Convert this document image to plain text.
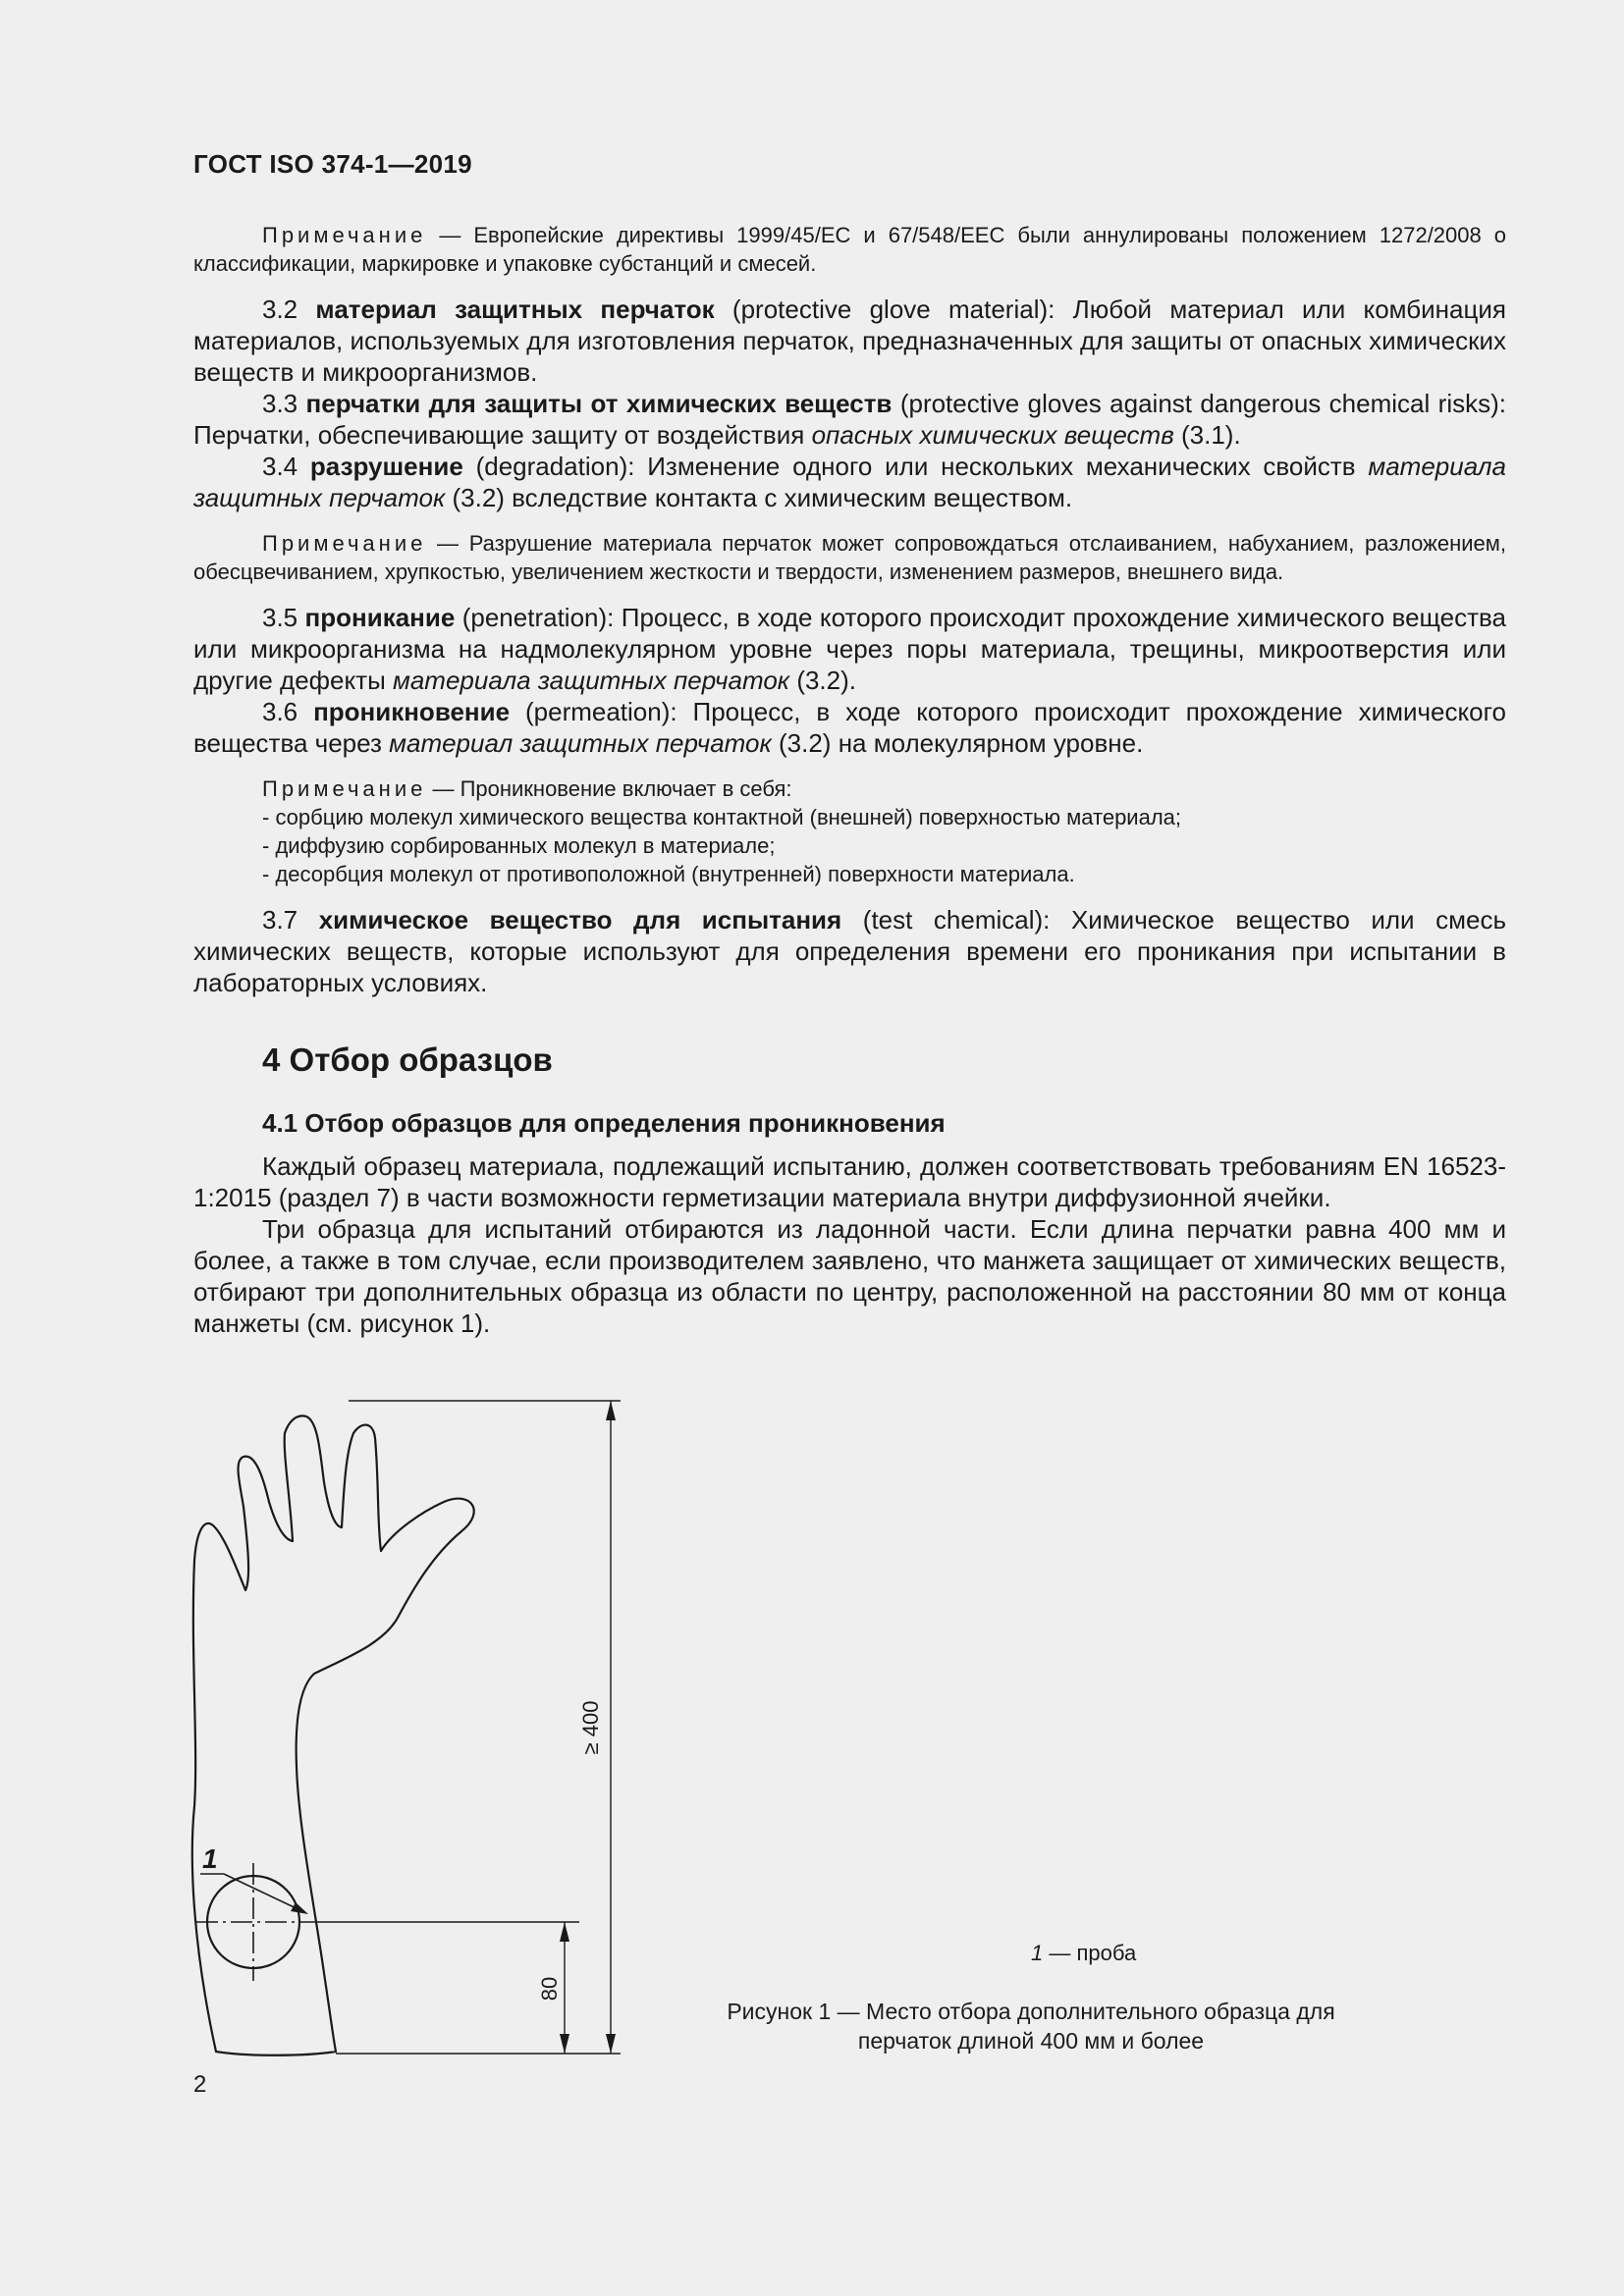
ГОСТ ISO 374-1—2019

Примечание — Европейские директивы 1999/45/ЕС и 67/548/ЕЕС были аннулированы положением 1272/2008 о классификации, маркировке и упаковке субстанций и смесей.

3.2 материал защитных перчаток (protective glove material): Любой материал или комбинация материалов, используемых для изготовления перчаток, предназначенных для защиты от опасных химических веществ и микроорганизмов.

3.3 перчатки для защиты от химических веществ (protective gloves against dangerous chemical risks): Перчатки, обеспечивающие защиту от воздействия опасных химических веществ (3.1).

3.4 разрушение (degradation): Изменение одного или нескольких механических свойств материала защитных перчаток (3.2) вследствие контакта с химическим веществом.

Примечание — Разрушение материала перчаток может сопровождаться отслаиванием, набуханием, разложением, обесцвечиванием, хрупкостью, увеличением жесткости и твердости, изменением размеров, внешнего вида.

3.5 проникание (penetration): Процесс, в ходе которого происходит прохождение химического вещества или микроорганизма на надмолекулярном уровне через поры материала, трещины, микроотверстия или другие дефекты материала защитных перчаток (3.2).

3.6 проникновение (permeation): Процесс, в ходе которого происходит прохождение химического вещества через материал защитных перчаток (3.2) на молекулярном уровне.

Примечание — Проникновение включает в себя:

- сорбцию молекул химического вещества контактной (внешней) поверхностью материала;

- диффузию сорбированных молекул в материале;

- десорбция молекул от противоположной (внутренней) поверхности материала.

3.7 химическое вещество для испытания (test chemical): Химическое вещество или смесь химических веществ, которые используют для определения времени его проникания при испытании в лабораторных условиях.

4 Отбор образцов
4.1 Отбор образцов для определения проникновения

Каждый образец материала, подлежащий испытанию, должен соответствовать требованиям EN 16523-1:2015 (раздел 7) в части возможности герметизации материала внутри диффузионной ячейки.

Три образца для испытаний отбираются из ладонной части. Если длина перчатки равна 400 мм и более, а также в том случае, если производителем заявлено, что манжета защищает от химических веществ, отбирают три дополнительных образца из области по центру, расположенной на расстоянии 80 мм от конца манжеты (см. рисунок 1).

1
≥ 400
80
1 — проба
Рисунок 1 — Место отбора дополнительного образца для перчаток длиной 400 мм и более
2
